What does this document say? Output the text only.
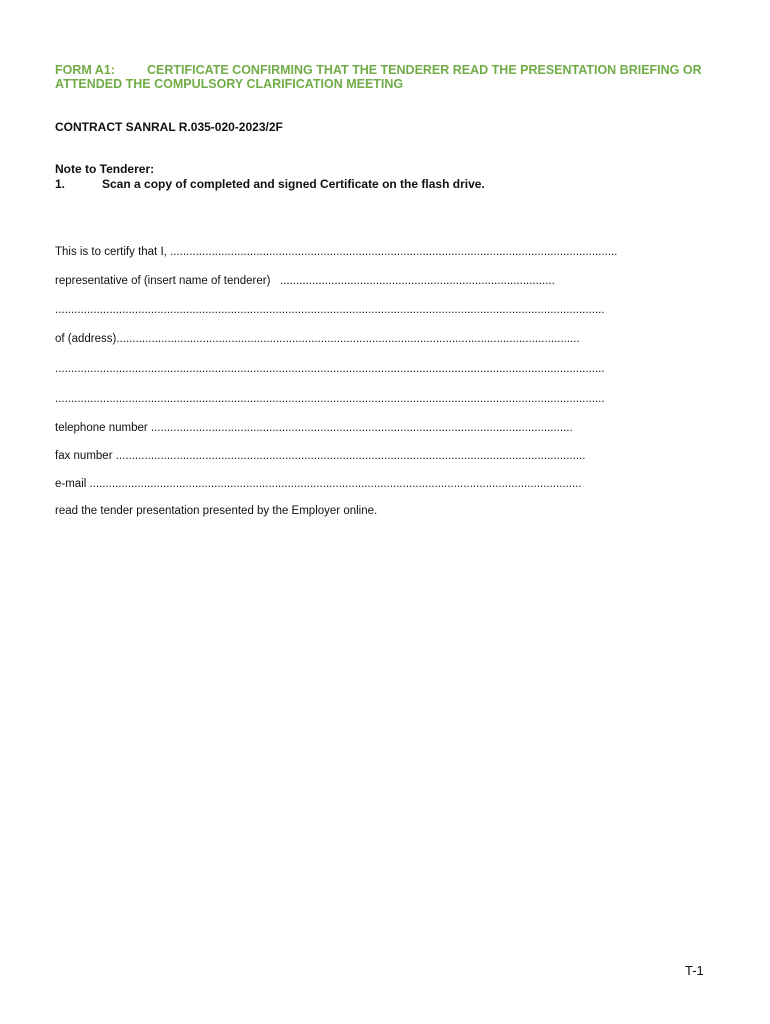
FORM A1:	CERTIFICATE CONFIRMING THAT THE TENDERER READ THE PRESENTATION BRIEFING OR ATTENDED THE COMPULSORY CLARIFICATION MEETING
CONTRACT SANRAL R.035-020-2023/2F
Note to Tenderer:
1.	Scan a copy of completed and signed Certificate on the flash drive.
This is to certify that I, ............................................................................................................................................
representative of (insert name of tenderer)   ......................................................................................
............................................................................................................................................................................
of (address).................................................................................................................................................
............................................................................................................................................................................
............................................................................................................................................................................
telephone number ....................................................................................................................................
fax number ...................................................................................................................................................
e-mail ..........................................................................................................................................................
read the tender presentation presented by the Employer online.
T-1
